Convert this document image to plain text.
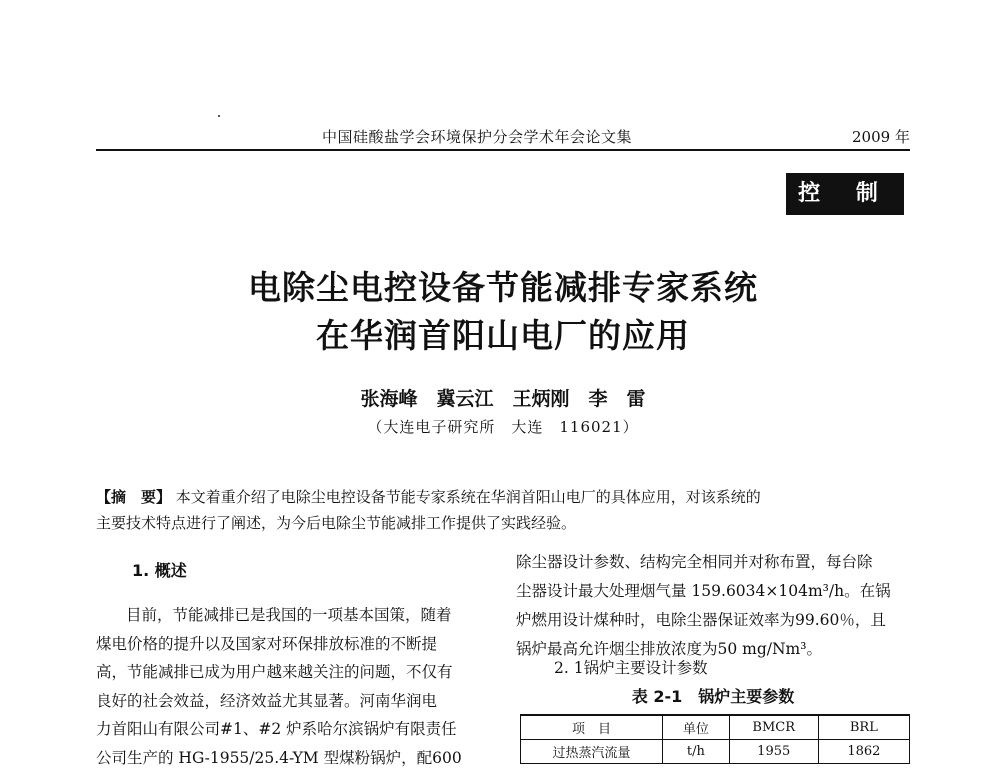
中国硅酸盐学会环境保护分会学术年会论文集	2009 年
控 制
电除尘电控设备节能减排专家系统
在华润首阳山电厂的应用
张海峰　冀云江　王炳刚　李　雷
（大连电子研究所　大连　116021）

【摘　要】 本文着重介绍了电除尘电控设备节能专家系统在华润首阳山电厂的具体应用，对该系统的

主要技术特点进行了阐述，为今后电除尘节能减排工作提供了实践经验。

1. 概述
目前，节能减排已是我国的一项基本国策，随着
煤电价格的提升以及国家对环保排放标准的不断提
高，节能减排已成为用户越来越关注的问题，不仅有
良好的社会效益，经济效益尤其显著。河南华润电
力首阳山有限公司#1、#2 炉系哈尔滨锅炉有限责任
公司生产的 HG-1955/25.4-YM 型煤粉锅炉，配600
除尘器设计参数、结构完全相同并对称布置，每台除
尘器设计最大处理烟气量 159.6034×104m³/h。在锅
炉燃用设计煤种时，电除尘器保证效率为99.60％，且
锅炉最高允许烟尘排放浓度为50 mg/Nm³。
2. 1锅炉主要设计参数
表 2-1　锅炉主要参数
项　目	单位	BMCR	BRL
过热蒸汽流量	t/h	1955	1862
